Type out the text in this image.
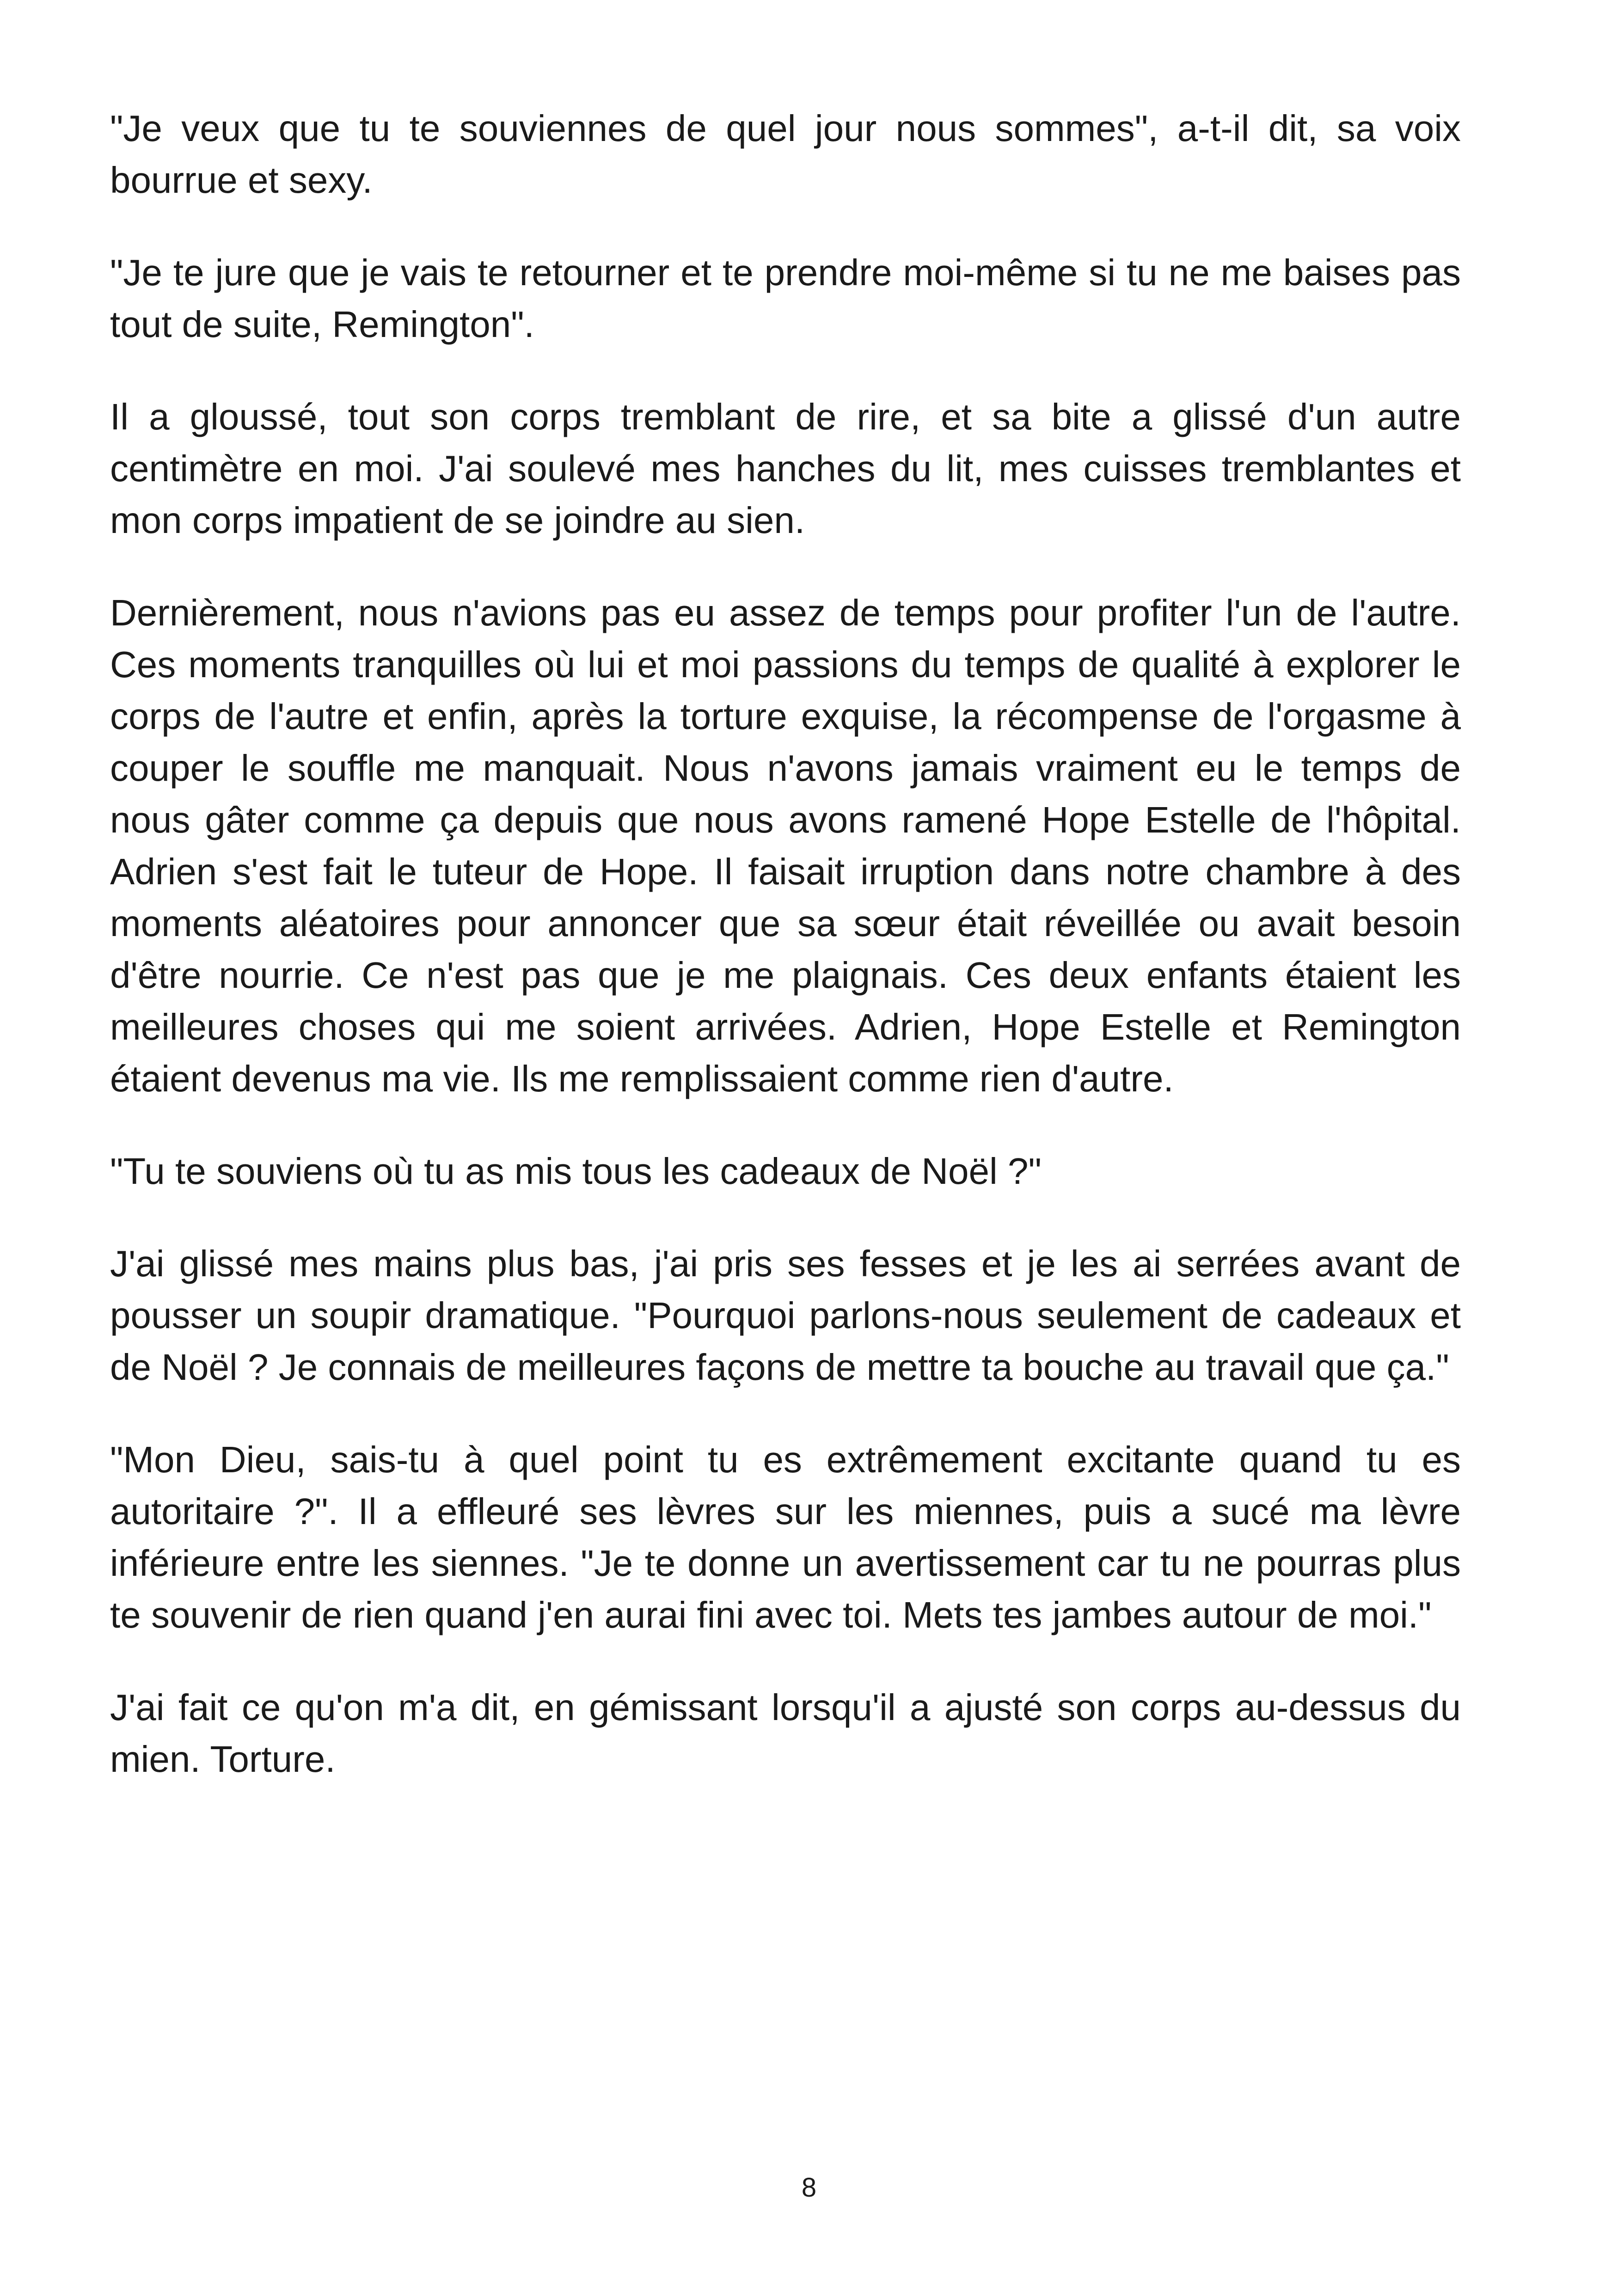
"Je veux que tu te souviennes de quel jour nous sommes", a-t-il dit, sa voix bourrue et sexy.

"Je te jure que je vais te retourner et te prendre moi-même si tu ne me baises pas tout de suite, Remington".

Il a gloussé, tout son corps tremblant de rire, et sa bite a glissé d'un autre centimètre en moi. J'ai soulevé mes hanches du lit, mes cuisses tremblantes et mon corps impatient de se joindre au sien.

Dernièrement, nous n'avions pas eu assez de temps pour profiter l'un de l'autre. Ces moments tranquilles où lui et moi passions du temps de qualité à explorer le corps de l'autre et enfin, après la torture exquise, la récompense de l'orgasme à couper le souffle me manquait. Nous n'avons jamais vraiment eu le temps de nous gâter comme ça depuis que nous avons ramené Hope Estelle de l'hôpital. Adrien s'est fait le tuteur de Hope. Il faisait irruption dans notre chambre à des moments aléatoires pour annoncer que sa sœur était réveillée ou avait besoin d'être nourrie. Ce n'est pas que je me plaignais. Ces deux enfants étaient les meilleures choses qui me soient arrivées. Adrien, Hope Estelle et Remington étaient devenus ma vie. Ils me remplissaient comme rien d'autre.

"Tu te souviens où tu as mis tous les cadeaux de Noël ?"

J'ai glissé mes mains plus bas, j'ai pris ses fesses et je les ai serrées avant de pousser un soupir dramatique. "Pourquoi parlons-nous seulement de cadeaux et de Noël ? Je connais de meilleures façons de mettre ta bouche au travail que ça."

"Mon Dieu, sais-tu à quel point tu es extrêmement excitante quand tu es autoritaire ?". Il a effleuré ses lèvres sur les miennes, puis a sucé ma lèvre inférieure entre les siennes. "Je te donne un avertissement car tu ne pourras plus te souvenir de rien quand j'en aurai fini avec toi. Mets tes jambes autour de moi."

J'ai fait ce qu'on m'a dit, en gémissant lorsqu'il a ajusté son corps au-dessus du mien. Torture.

8
